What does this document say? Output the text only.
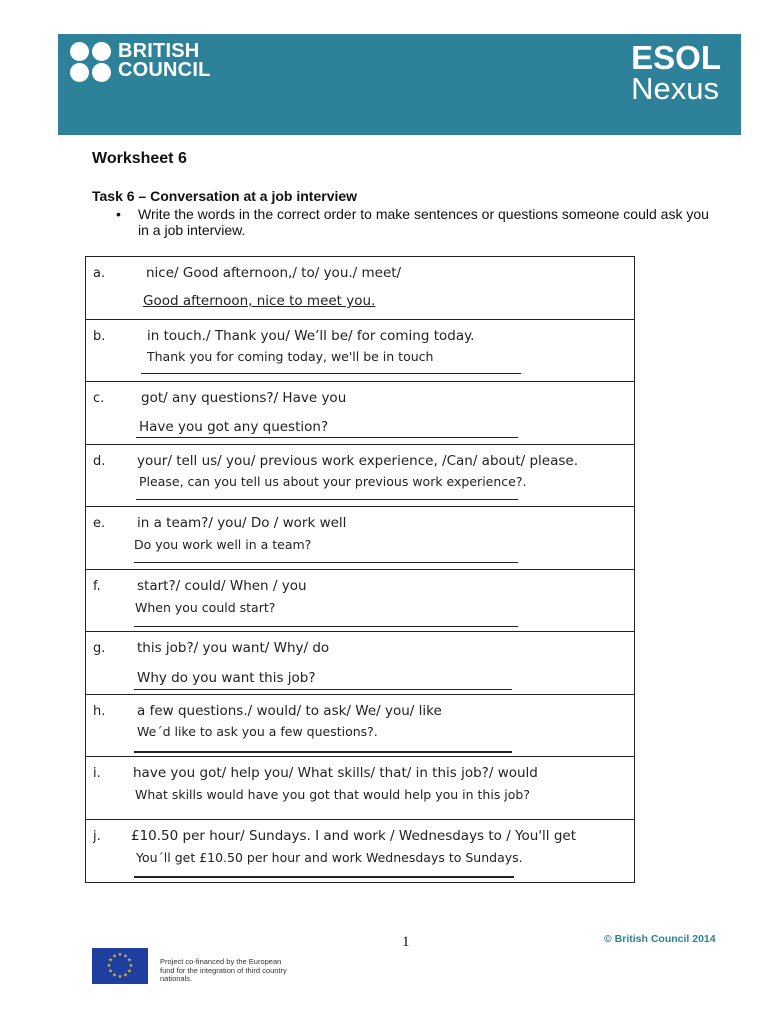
BRITISH
COUNCIL	ESOL
Nexus
Worksheet 6
Task 6 – Conversation at a job interview
• Write the words in the correct order to make sentences or questions someone could ask you in a job interview.
a.	nice/ Good afternoon,/ to/ you./ meet/
Good afternoon, nice to meet you.
b.	in touch./ Thank you/ We’ll be/ for coming today.
Thank you for coming today, we'll be in touch
c.	got/ any questions?/ Have you
Have you got any question?
d. your/ tell us/ you/ previous work experience, /Can/ about/ please.
Please, can you tell us about your previous work experience?.
e. in a team?/ you/ Do / work well
Do you work well in a team?
f.	start?/ could/ When / you
When you could start?
g. this job?/ you want/ Why/ do
Why do you want this job?
h. a few questions./ would/ to ask/ We/ you/ like
We´d like to ask you a few questions?.
i. have you got/ help you/ What skills/ that/ in this job?/ would
What skills would have you got that would help you in this job?
j. £10.50 per hour/ Sundays. I and work / Wednesdays to / You'll get
You´ll get £10.50 per hour and work Wednesdays to Sundays.
1	© British Council 2014
★ ★
★
★
★
★
★
★
★
★
★
★
Project co-financed by the European fund for the integration of third country nationals.
